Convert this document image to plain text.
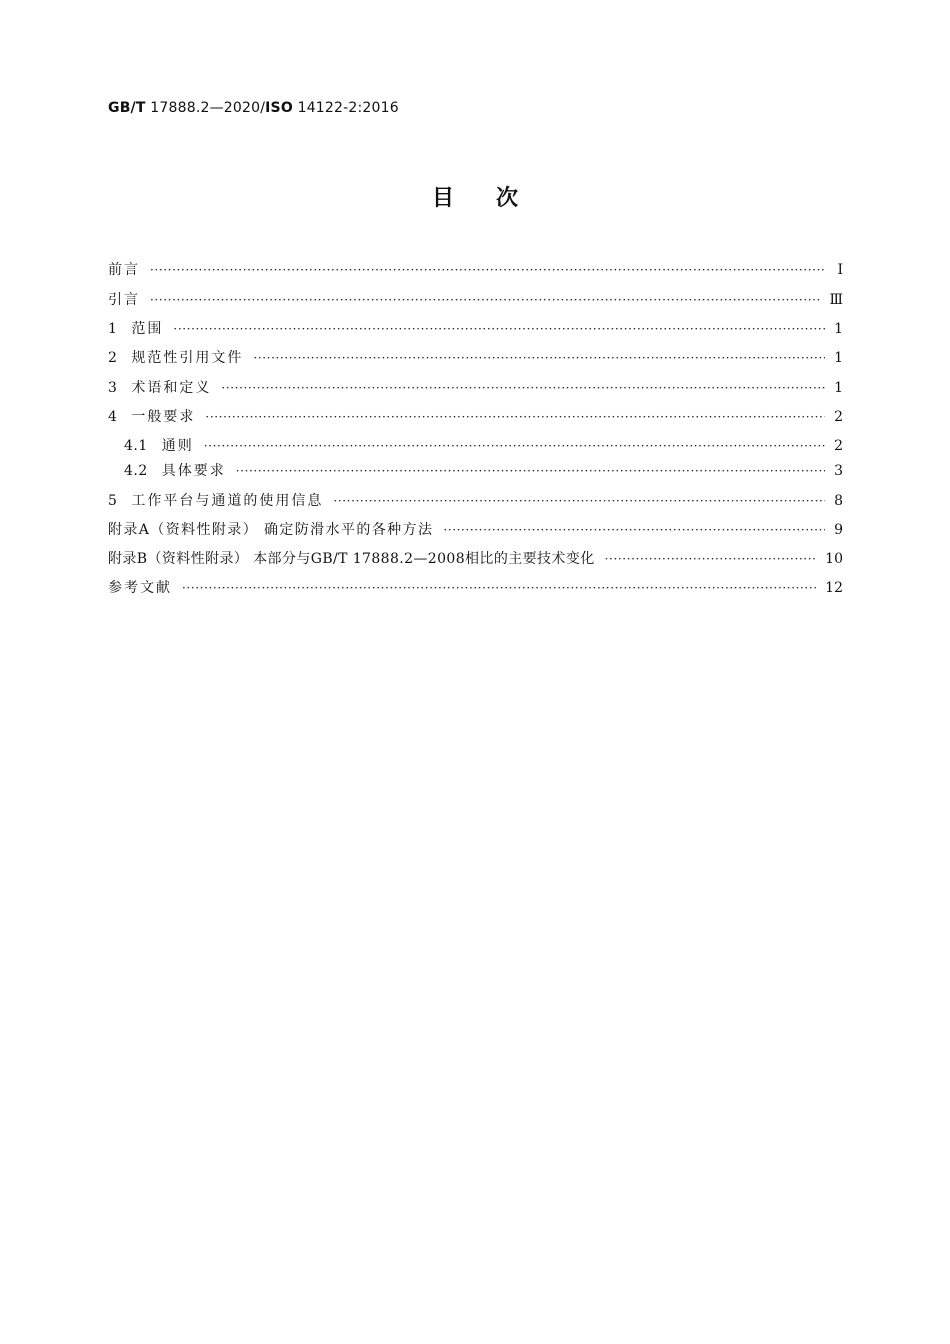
GB/T 17888.2—2020/ISO 14122-2:2016
目次
前言 ·····	Ⅰ
引言 ·····	Ⅲ
1 范围 ·····	1
2 规范性引用文件 ·····	1
3 术语和定义 ·····	1
4 一般要求 ·····	2
4.1 通则 ·····	2
4.2 具体要求 ·····	3
5 工作平台与通道的使用信息 ·····	8
附录A（资料性附录） 确定防滑水平的各种方法 ·····	9
附录B（资料性附录） 本部分与GB/T 17888.2—2008相比的主要技术变化 ·····	10
参考文献 ·····	12
